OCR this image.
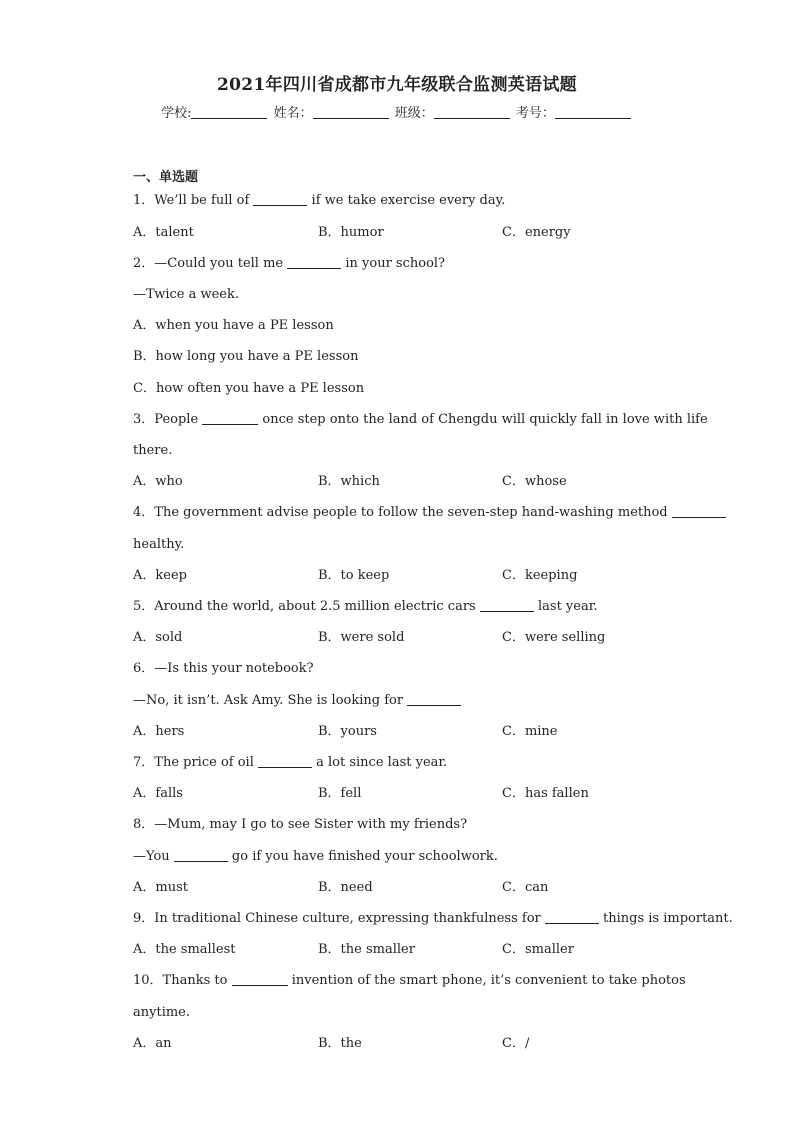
2021年四川省成都市九年级联合监测英语试题
学校:	姓名：	班级：	考号：
一、单选题
1．We’ll be full of	if we take exercise every day.
A．talent	B．humor	C．energy
2．—Could you tell me	in your school?
—Twice a week.
A．when you have a PE lesson
B．how long you have a PE lesson
C．how often you have a PE lesson
3．People	once step onto the land of Chengdu will quickly fall in love with life
there.
A．who	B．which	C．whose
4．The government advise people to follow the seven-step hand-washing method
healthy.
A．keep	B．to keep	C．keeping
5．Around the world, about 2.5 million electric cars	last year.
A．sold	B．were sold	C．were selling
6．—Is this your notebook?
—No, it isn’t. Ask Amy. She is looking for
A．hers	B．yours	C．mine
7．The price of oil	a lot since last year.
A．falls	B．fell	C．has fallen
8．—Mum, may I go to see Sister with my friends?
—You	go if you have finished your schoolwork.
A．must	B．need	C．can
9．In traditional Chinese culture, expressing thankfulness for	things is important.
A．the smallest	B．the smaller	C．smaller
10．Thanks to	invention of the smart phone, it’s convenient to take photos
anytime.
A．an	B．the	C．/
